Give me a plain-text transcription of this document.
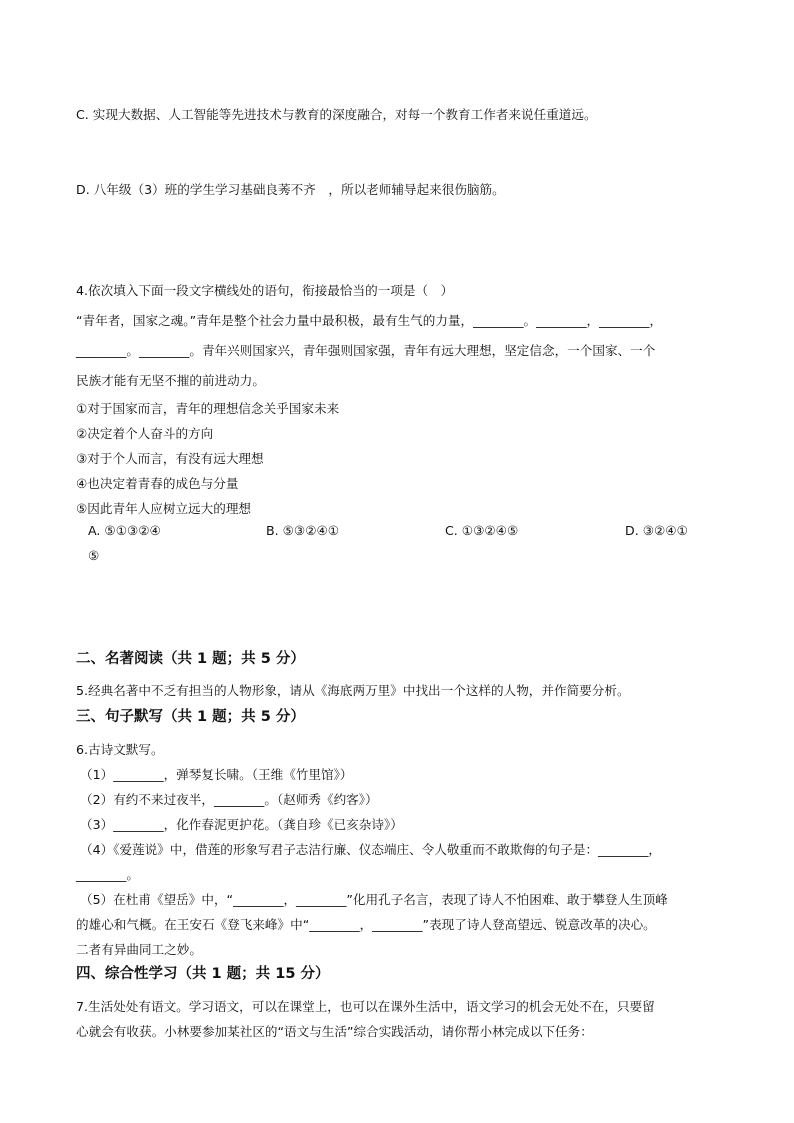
C. 实现大数据、人工智能等先进技术与教育的深度融合，对每一个教育工作者来说任重道远。
D. 八年级（3）班的学生学习基础良莠不齐　，所以老师辅导起来很伤脑筋。
4.依次填入下面一段文字横线处的语句，衔接最恰当的一项是（　）
“青年者，国家之魂。”青年是整个社会力量中最积极，最有生气的力量，________。________，________，
________。________。青年兴则国家兴，青年强则国家强，青年有远大理想，坚定信念，一个国家、一个
民族才能有无坚不摧的前进动力。
①对于国家而言，青年的理想信念关乎国家未来
②决定着个人奋斗的方向
③对于个人而言，有没有远大理想
④也决定着青春的成色与分量
⑤因此青年人应树立远大的理想
A. ⑤①③②④	B. ⑤③②④①	C. ①③②④⑤	D. ③②④①
⑤
二、名著阅读（共 1 题；共 5 分）
5.经典名著中不乏有担当的人物形象，请从《海底两万里》中找出一个这样的人物，并作简要分析。
三、句子默写（共 1 题；共 5 分）
6.古诗文默写。
（1）________，弹琴复长啸。（王维《竹里馆》）
（2）有约不来过夜半，________。（赵师秀《约客》）
（3）________，化作春泥更护花。（龚自珍《已亥杂诗》）
（4）《爱莲说》中，借莲的形象写君子志洁行廉、仪态端庄、令人敬重而不敢欺侮的句子是：________，
________。
（5）在杜甫《望岳》中，“________，________”化用孔子名言，表现了诗人不怕困难、敢于攀登人生顶峰
的雄心和气概。在王安石《登飞来峰》中“________，________”表现了诗人登高望远、锐意改革的决心。
二者有异曲同工之妙。
四、综合性学习（共 1 题；共 15 分）
7.生活处处有语文。学习语文，可以在课堂上，也可以在课外生活中，语文学习的机会无处不在，只要留
心就会有收获。小林要参加某社区的“语文与生活”综合实践活动，请你帮小林完成以下任务：
